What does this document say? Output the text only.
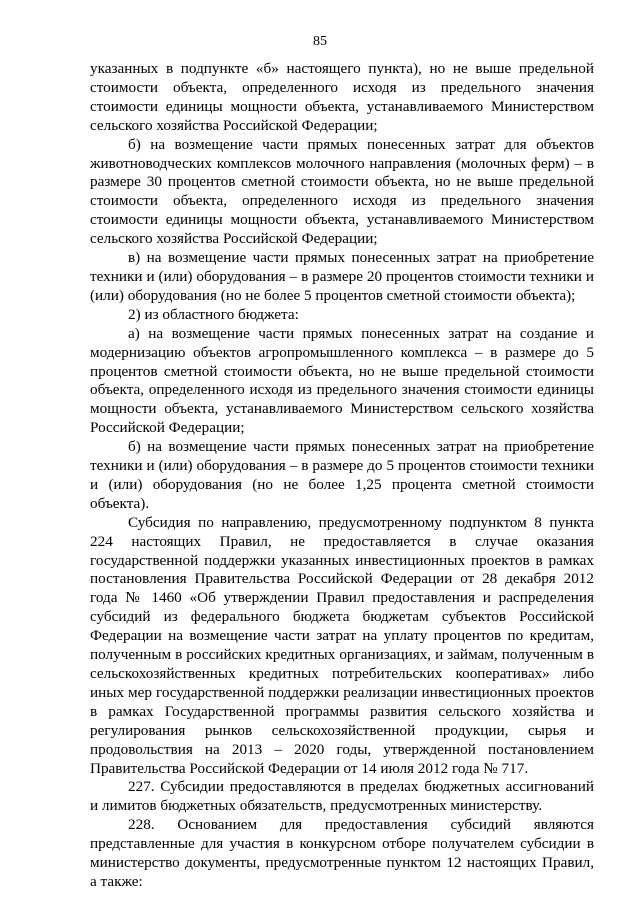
85

указанных в подпункте «б» настоящего пункта), но не выше предельной стоимости объекта, определенного исходя из предельного значения стоимости единицы мощности объекта, устанавливаемого Министерством сельского хозяйства Российской Федерации;

б) на возмещение части прямых понесенных затрат для объектов животноводческих комплексов молочного направления (молочных ферм) – в размере 30 процентов сметной стоимости объекта, но не выше предельной стоимости объекта, определенного исходя из предельного значения стоимости единицы мощности объекта, устанавливаемого Министерством сельского хозяйства Российской Федерации;

в) на возмещение части прямых понесенных затрат на приобретение техники и (или) оборудования – в размере 20 процентов стоимости техники и (или) оборудования (но не более 5 процентов сметной стоимости объекта);

2) из областного бюджета:

а) на возмещение части прямых понесенных затрат на создание и модернизацию объектов агропромышленного комплекса – в размере до 5 процентов сметной стоимости объекта, но не выше предельной стоимости объекта, определенного исходя из предельного значения стоимости единицы мощности объекта, устанавливаемого Министерством сельского хозяйства Российской Федерации;

б) на возмещение части прямых понесенных затрат на приобретение техники и (или) оборудования – в размере до 5 процентов стоимости техники и (или) оборудования (но не более 1,25 процента сметной стоимости объекта).

Субсидия по направлению, предусмотренному подпунктом 8 пункта 224 настоящих Правил, не предоставляется в случае оказания государственной поддержки указанных инвестиционных проектов в рамках постановления Правительства Российской Федерации от 28 декабря 2012 года № 1460 «Об утверждении Правил предоставления и распределения субсидий из федерального бюджета бюджетам субъектов Российской Федерации на возмещение части затрат на уплату процентов по кредитам, полученным в российских кредитных организациях, и займам, полученным в сельскохозяйственных кредитных потребительских кооперативах» либо иных мер государственной поддержки реализации инвестиционных проектов в рамках Государственной программы развития сельского хозяйства и регулирования рынков сельскохозяйственной продукции, сырья и продовольствия на 2013 – 2020 годы, утвержденной постановлением Правительства Российской Федерации от 14 июля 2012 года № 717.

227. Субсидии предоставляются в пределах бюджетных ассигнований и лимитов бюджетных обязательств, предусмотренных министерству.

228. Основанием для предоставления субсидий являются представленные для участия в конкурсном отборе получателем субсидии в министерство документы, предусмотренные пунктом 12 настоящих Правил, а также:
